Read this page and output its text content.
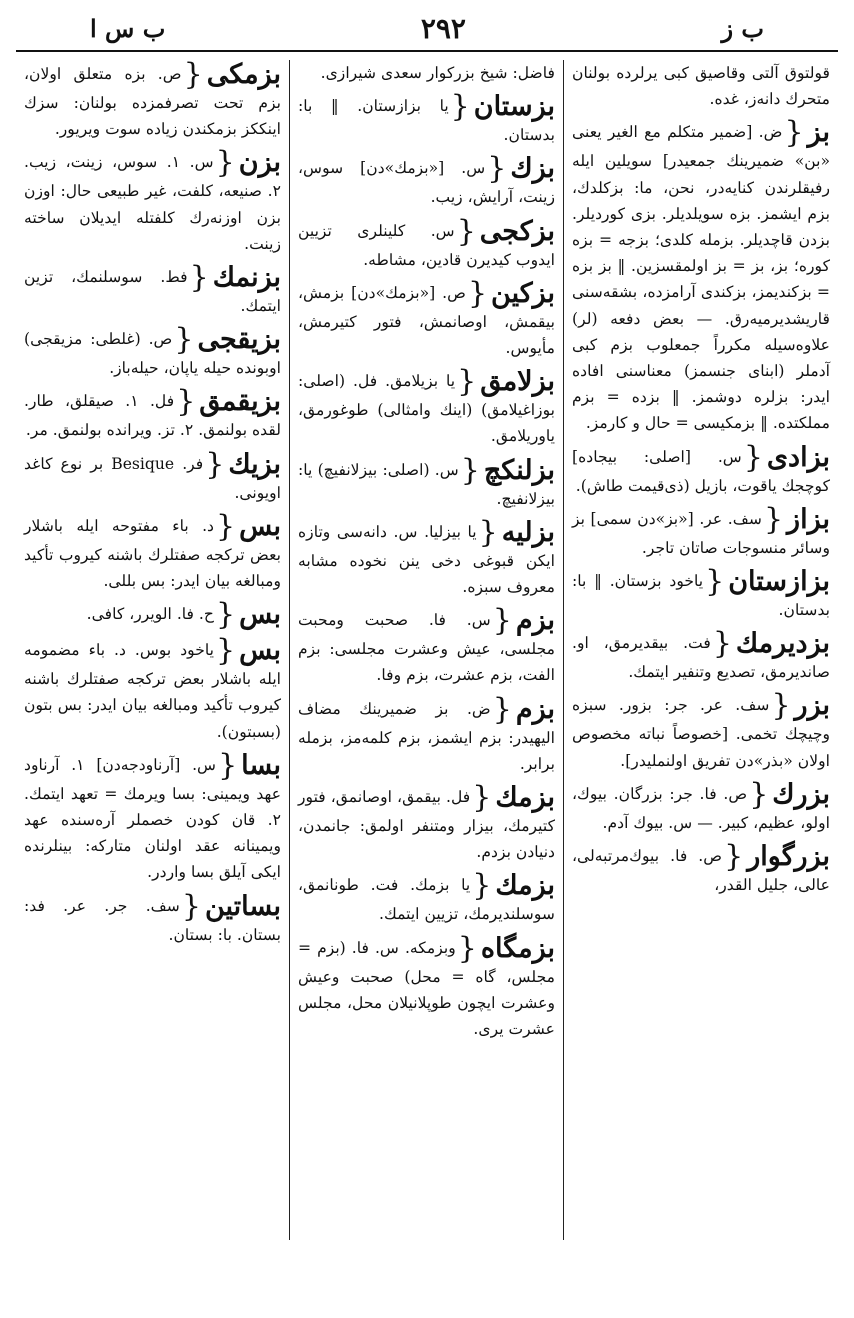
ب ز
۲۹۲
ب س ا
قولتوق آلتی وقاصیق کبی یرلرده بولنان متحرك دانه‌ز، غده.
بز{ض. [ضمیر متکلم مع الغیر یعنی «بن» ضمیرینك جمعیدر] سویلین ایله رفیقلرندن کنایه‌در، نحن، ما: بزکلدك، بزم ایشمز. بزه سویلدیلر. بزی کوردیلر. بزدن قاچدیلر. بزمله کلدی؛ بزجه = بزه کوره؛ بز، بز = بز اولمقسزین. ‖ بز بزه = بزکندیمز، بزکندی آرامزده، بشقه‌سنی قاریشدیرمیه‌رق. — بعض دفعه (لر) علاوه‌سیله مکرراً جمعلوب بزم کبی آدملر (ابنای جنسمز) معناسنی افاده ایدر: بزلره دوشمز. ‖ بزده = بزم مملکتده. ‖ بزمکیسی = حال و کارمز.
بزادی{س. [اصلی: بیجاده] کوچجك یاقوت، بازیل (ذی‌قیمت طاش).
بزاز{سف. عر. [«بز»دن سمی] بز وسائر منسوجات صاتان تاجر.
بزازستان{یاخود بزستان. ‖ با: بدستان.
بزدیرمك{فت. بیقدیرمق، او. صاندیرمق، تصدیع وتنفیر ایتمك.
بزر{سف. عر. جر: بزور. سبزه وچیچك تخمی. [خصوصاً نباته مخصوص اولان «بذر»دن تفریق اولنمليدر].
بزرك{ص. فا. جر: بزرگان. بیوك، اولو، عظیم، کبیر. — س. بیوك آدم.
بزرگوار{ص. فا. بیوك‌مرتبه‌لی، عالی، جلیل القدر،
فاضل: شیخ بزرکوار سعدی شیرازی.
بزستان{یا بزازستان. ‖ با: بدستان.
بزك{س. [«بزمك»دن] سوس، زینت، آرایش، زیب.
بزکجی{س. کلینلری تزیین ایدوب کیدیرن قادین، مشاطه.
بزکین{ص. [«بزمك»دن] بزمش، بیقمش، اوصانمش، فتور کتیرمش، مأیوس.
بزلامق{یا بزیلامق. فل. (اصلی: بوزاغیلامق) (اینك وامثالی) طوغورمق، یاوریلامق.
بزلنکچ{س. (اصلی: بیزلانفیچ) یا: بیزلانفیچ.
بزلیه{یا بیزلیا. س. دانه‌سی وتازه ایکن قبوغی دخی ینن نخوده مشابه معروف سبزه.
بزم{س. فا. صحبت ومحبت مجلسی، عیش وعشرت مجلسی: بزم الفت، بزم عشرت، بزم وفا.
بزم{ض. بز ضمیرینك مضاف الیهیدر: بزم ایشمز، بزم کلمه‌مز، بزمله برابر.
بزمك{فل. بیقمق، اوصانمق، فتور کتیرمك، بیزار ومتنفر اولمق: جانمدن، دنیادن بزدم.
بزمك{یا بزمك. فت. طونانمق، سوسلندیرمك، تزیین ایتمك.
بزمگاه{وبزمکه. س. فا. (بزم = مجلس، گاه = محل) صحبت وعیش وعشرت ایچون طوپلانیلان محل، مجلس عشرت یری.
بزمکی{ص. بزه متعلق اولان، بزم تحت تصرفمزده بولنان: سزك اینککز بزمکندن زیاده سوت ویریور.
بزن{س. ۱. سوس، زینت، زیب. ۲. صنیعه، کلفت، غیر طبیعی حال: اوزن بزن اوزنه‌رك کلفتله ایدیلان ساخته زینت.
بزنمك{فط. سوسلنمك، تزین ایتمك.
بزیقجی{ص. (غلطی: مزیقجی) اوبونده حیله یاپان، حیله‌باز.
بزیقمق{فل. ۱. صیقلق، طار. لقده بولنمق. ۲. تز. ویرانده بولنمق. مر.
بزیك{فر. Besique بر نوع کاغد اویونی.
بس{د. باء مفتوحه ایله باشلار بعض ترکجه صفتلرك باشنه کیروب تأکید ومبالغه بیان ایدر: بس بللی.
بس{ح. فا. الویرر، کافی.
بس{یاخود بوس. د. باء مضمومه ایله باشلار بعض ترکجه صفتلرك باشنه کیروب تأکید ومبالغه بیان ایدر: بس بتون (بسبتون).
بسا{س. [آرناودجه‌دن] ۱. آرناود عهد ویمینی: بسا ویرمك = تعهد ایتمك. ۲. قان کودن خصملر آره‌سنده عهد ویمینانه عقد اولنان متارکه: بینلرنده ایکی آیلق بسا واردر.
بساتین{سف. جر. عر. فد: بستان. با: بستان.
